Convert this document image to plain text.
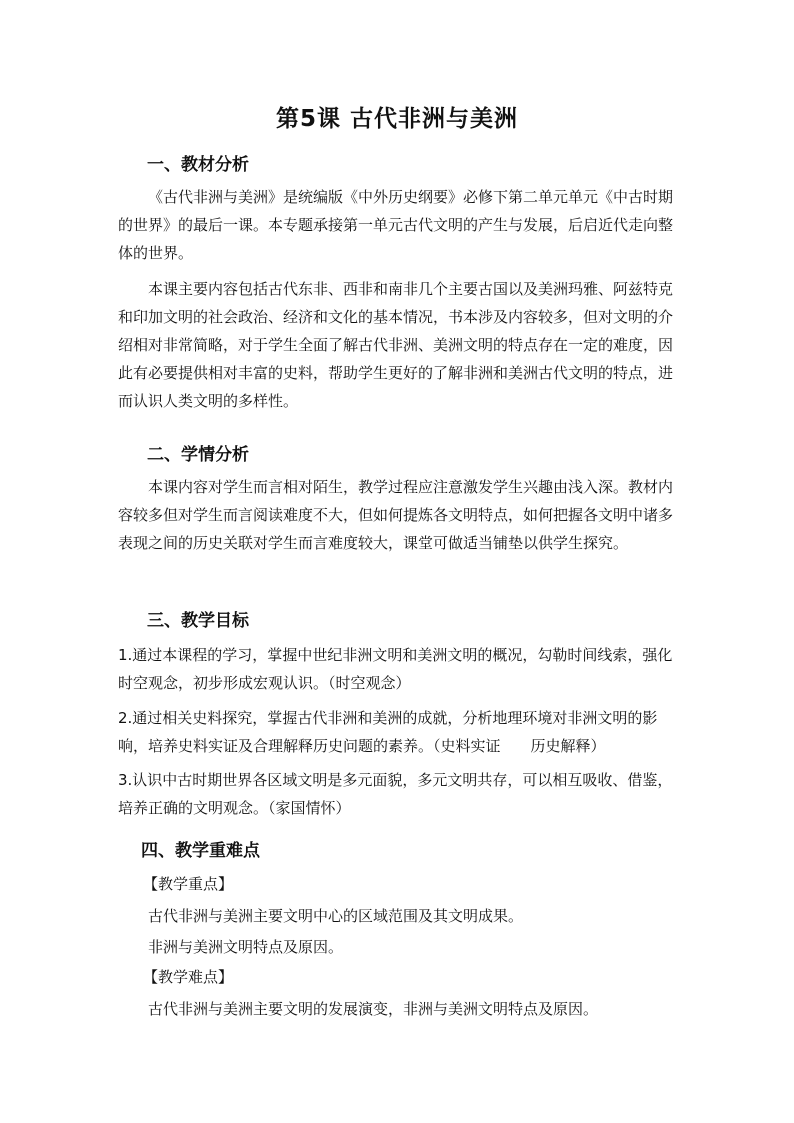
第5课 古代非洲与美洲
一、教材分析
《古代非洲与美洲》是统编版《中外历史纲要》必修下第二单元单元《中古时期的世界》的最后一课。本专题承接第一单元古代文明的产生与发展，后启近代走向整体的世界。
本课主要内容包括古代东非、西非和南非几个主要古国以及美洲玛雅、阿兹特克和印加文明的社会政治、经济和文化的基本情况，书本涉及内容较多，但对文明的介绍相对非常简略，对于学生全面了解古代非洲、美洲文明的特点存在一定的难度，因此有必要提供相对丰富的史料，帮助学生更好的了解非洲和美洲古代文明的特点，进而认识人类文明的多样性。
二、学情分析
本课内容对学生而言相对陌生，教学过程应注意激发学生兴趣由浅入深。教材内容较多但对学生而言阅读难度不大，但如何提炼各文明特点，如何把握各文明中诸多表现之间的历史关联对学生而言难度较大，课堂可做适当铺垫以供学生探究。
三、教学目标
1.通过本课程的学习，掌握中世纪非洲文明和美洲文明的概况，勾勒时间线索，强化时空观念，初步形成宏观认识。（时空观念）
2.通过相关史料探究，掌握古代非洲和美洲的成就，分析地理环境对非洲文明的影响，培养史料实证及合理解释历史问题的素养。（史料实证　　历史解释）
3.认识中古时期世界各区域文明是多元面貌，多元文明共存，可以相互吸收、借鉴，培养正确的文明观念。（家国情怀）
四、教学重难点
【教学重点】
古代非洲与美洲主要文明中心的区域范围及其文明成果。
非洲与美洲文明特点及原因。
【教学难点】
古代非洲与美洲主要文明的发展演变，非洲与美洲文明特点及原因。
